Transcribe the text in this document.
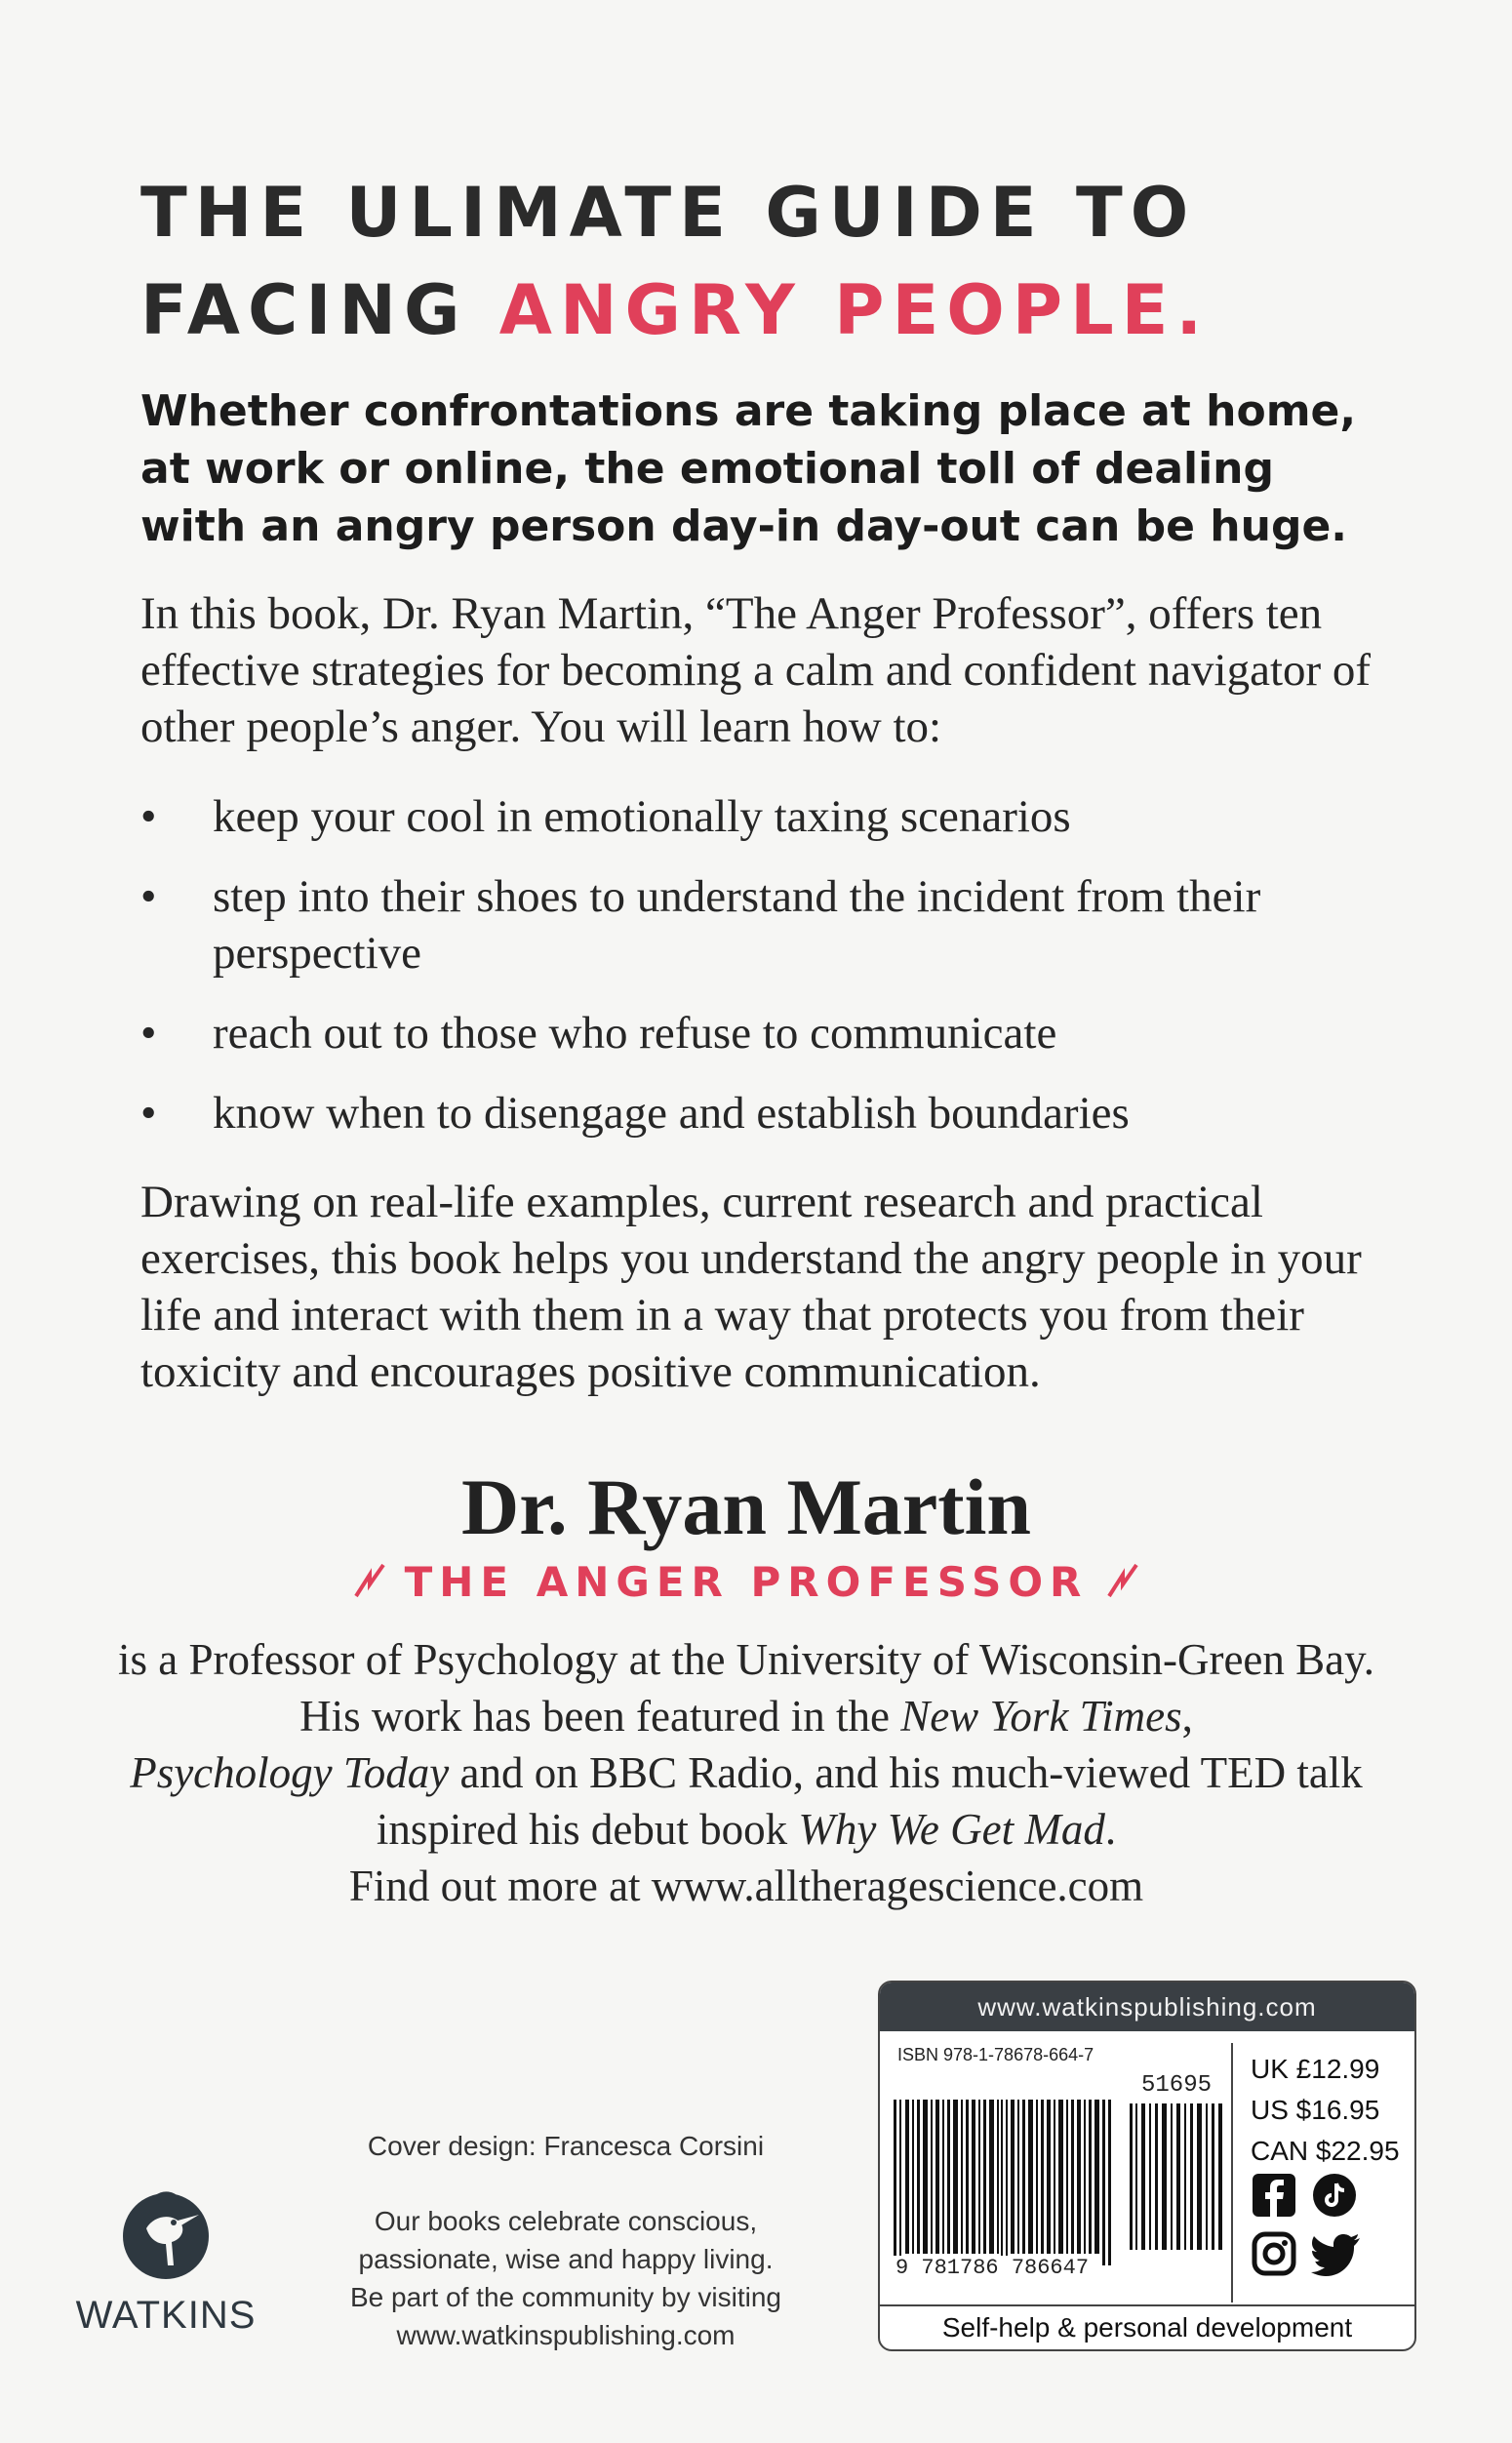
THE ULIMATE GUIDE TO
FACING ANGRY PEOPLE.

Whether confrontations are taking place at home, at work or online, the emotional toll of dealing with an angry person day-in day-out can be huge.

In this book, Dr. Ryan Martin, “The Anger Professor”, offers ten effective strategies for becoming a calm and confident navigator of other people’s anger. You will learn how to:

• keep your cool in emotionally taxing scenarios
• step into their shoes to understand the incident from their perspective
• reach out to those who refuse to communicate
• know when to disengage and establish boundaries

Drawing on real-life examples, current research and practical exercises, this book helps you understand the angry people in your life and interact with them in a way that protects you from their toxicity and encourages positive communication.

Dr. Ryan Martin
THE ANGER PROFESSOR

is a Professor of Psychology at the University of Wisconsin-Green Bay. His work has been featured in the New York Times,
Psychology Today and on BBC Radio, and his much-viewed TED talk inspired his debut book Why We Get Mad.
Find out more at www.alltheragescience.com

WATKINS

Cover design: Francesca Corsini

Our books celebrate conscious,

passionate, wise and happy living.

Be part of the community by visiting

www.watkinspublishing.com

www.watkinspublishing.com
ISBN 978-1-78678-664-7
51695
9 781786 786647
UK £12.99
US $16.95
CAN $22.95
Self-help & personal development
